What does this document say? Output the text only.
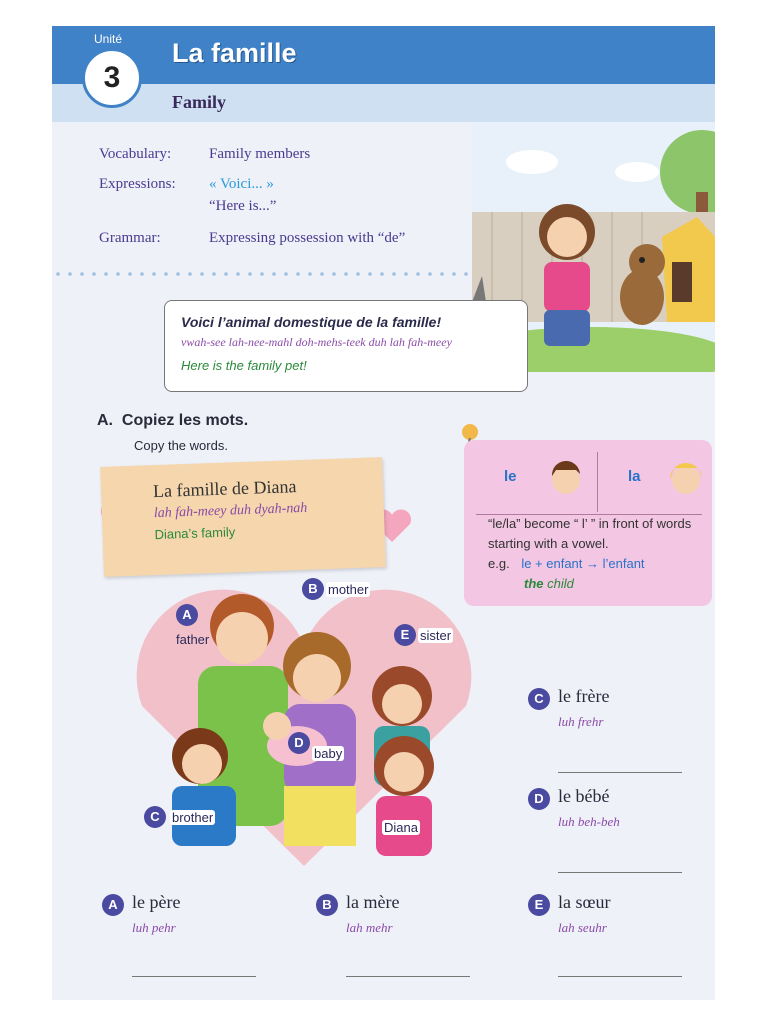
Unité
3
La famille
Family
Vocabulary:	Family members
Expressions: « Voici... »
“Here is...”
Grammar:	Expressing possession with “de”
Voici l’animal domestique de la famille!
vwah-see lah-nee-mahl doh-mehs-teek duh lah fah-meey
Here is the family pet!
A. Copiez les mots.
Copy the words.
La famille de Diana
lah fah-meey duh dyah-nah
Diana’s family
le	la
“le/la” become “ l’ ” in front of words starting with a vowel.
e.g. le + enfant → l’enfant
the child
A
father
B mother
E sister
D
baby
C brother
Diana
C le frère
luh frehr
D le bébé
luh beh-beh
A le père
luh pehr
B la mère
lah mehr
E la sœur
lah seuhr
